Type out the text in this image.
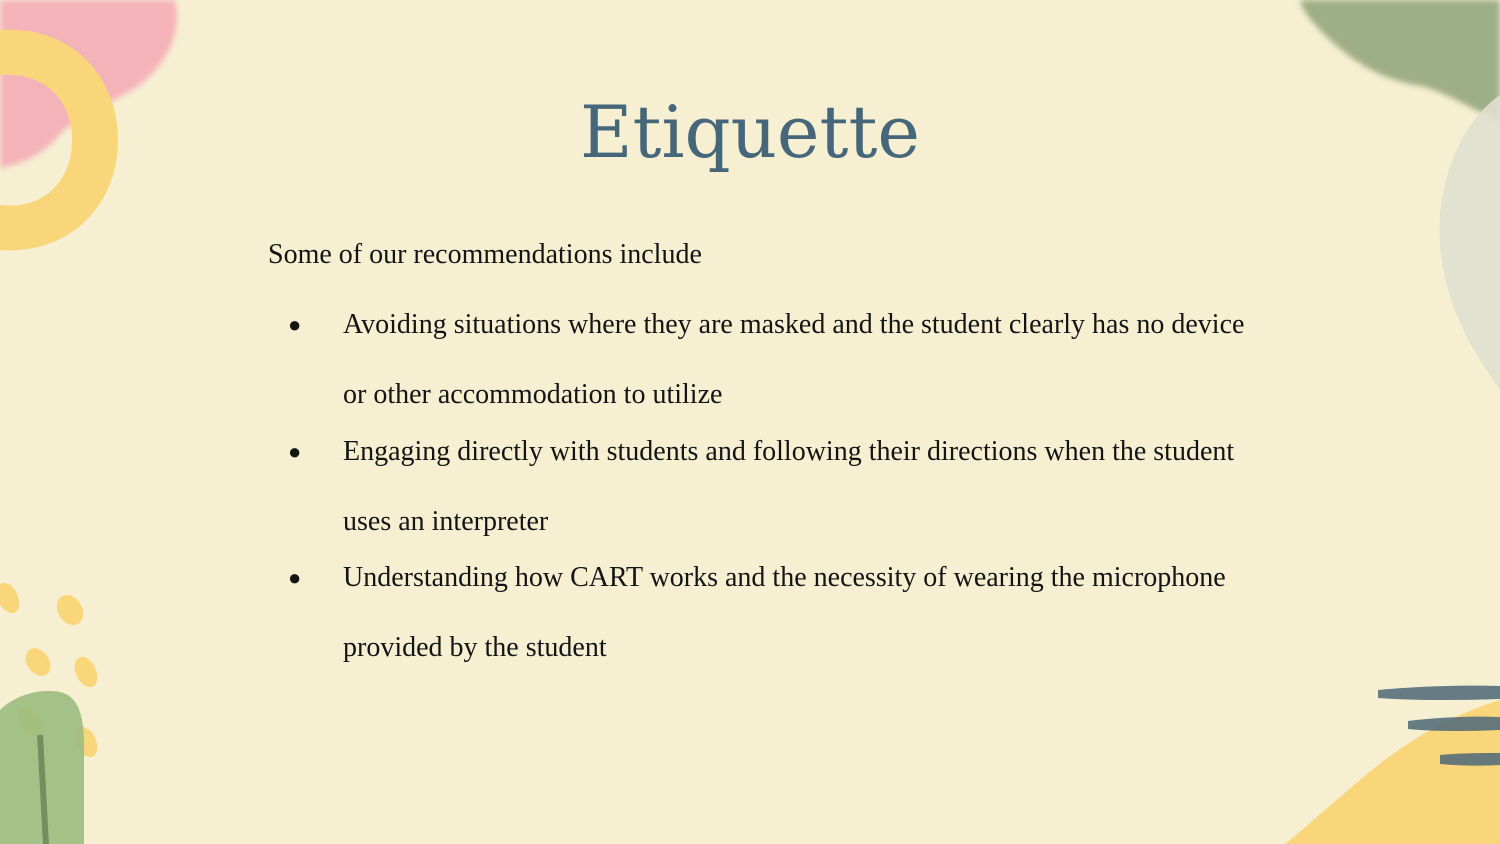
Etiquette

Some of our recommendations include

● Avoiding situations where they are masked and the student clearly has no device or other accommodation to utilize
● Engaging directly with students and following their directions when the student uses an interpreter
● Understanding how CART works and the necessity of wearing the microphone provided by the student
